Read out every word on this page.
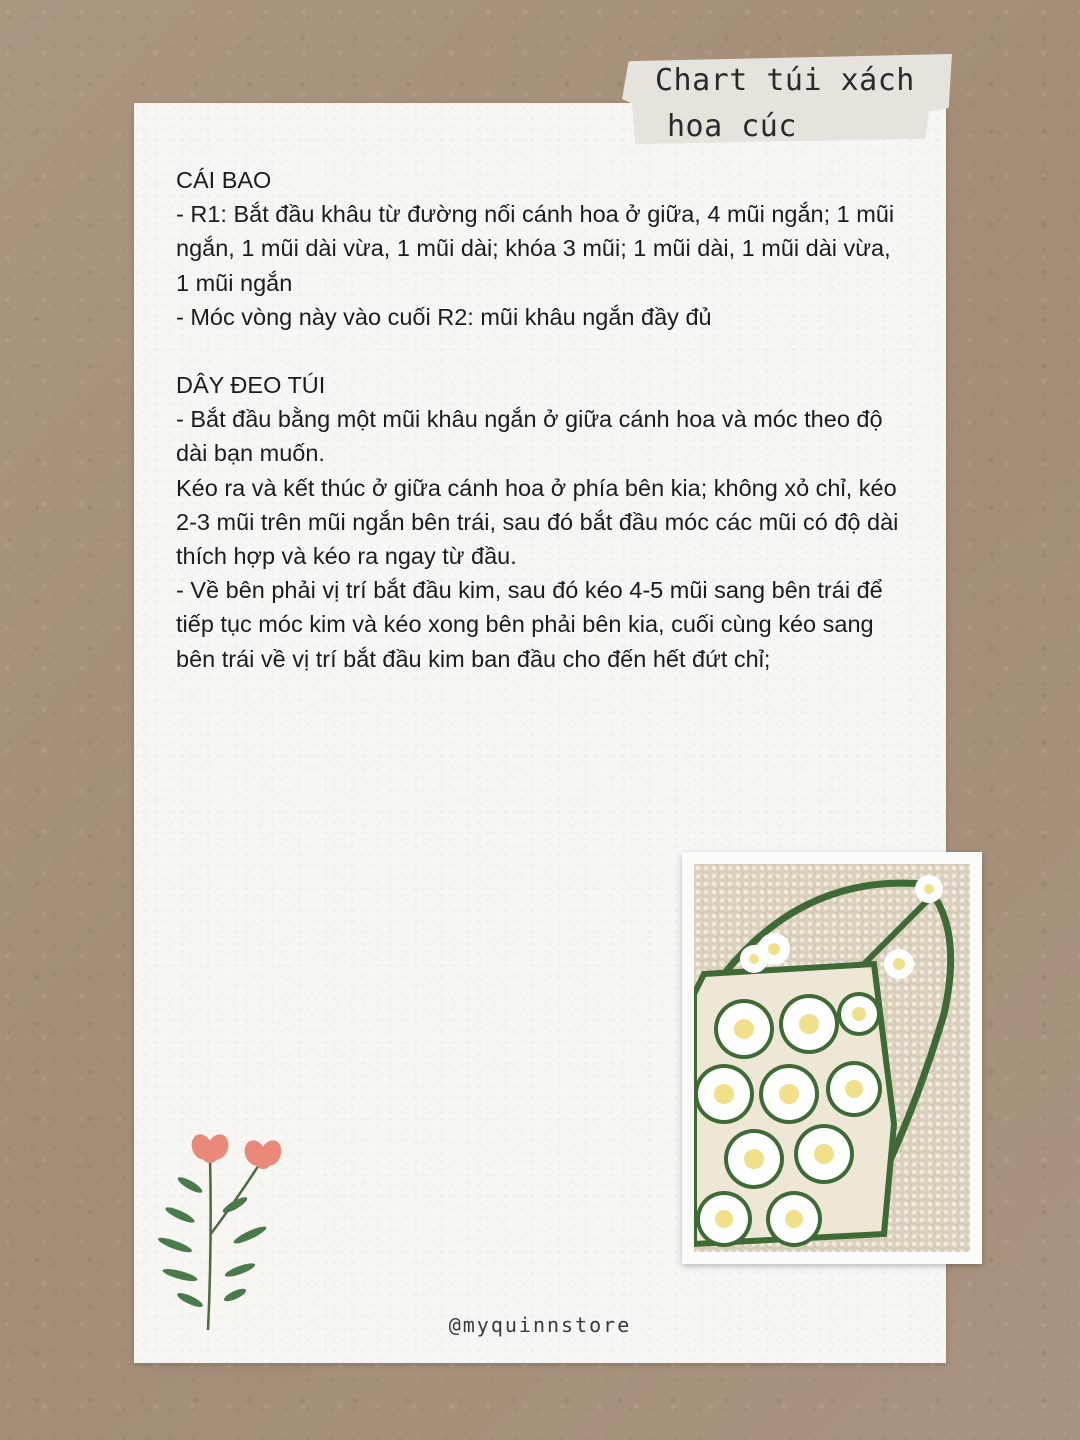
Chart túi xách
hoa cúc

CÁI BAO

- R1: Bắt đầu khâu từ đường nối cánh hoa ở giữa, 4 mũi ngắn; 1 mũi ngắn, 1 mũi dài vừa, 1 mũi dài; khóa 3 mũi; 1 mũi dài, 1 mũi dài vừa, 1 mũi ngắn

- Móc vòng này vào cuối R2: mũi khâu ngắn đầy đủ

DÂY ĐEO TÚI

- Bắt đầu bằng một mũi khâu ngắn ở giữa cánh hoa và móc theo độ dài bạn muốn.

Kéo ra và kết thúc ở giữa cánh hoa ở phía bên kia; không xỏ chỉ, kéo 2-3 mũi trên mũi ngắn bên trái, sau đó bắt đầu móc các mũi có độ dài thích hợp và kéo ra ngay từ đầu.

- Về bên phải vị trí bắt đầu kim, sau đó kéo 4-5 mũi sang bên trái để tiếp tục móc kim và kéo xong bên phải bên kia, cuối cùng kéo sang bên trái về vị trí bắt đầu kim ban đầu cho đến hết đứt chỉ;

@myquinnstore
